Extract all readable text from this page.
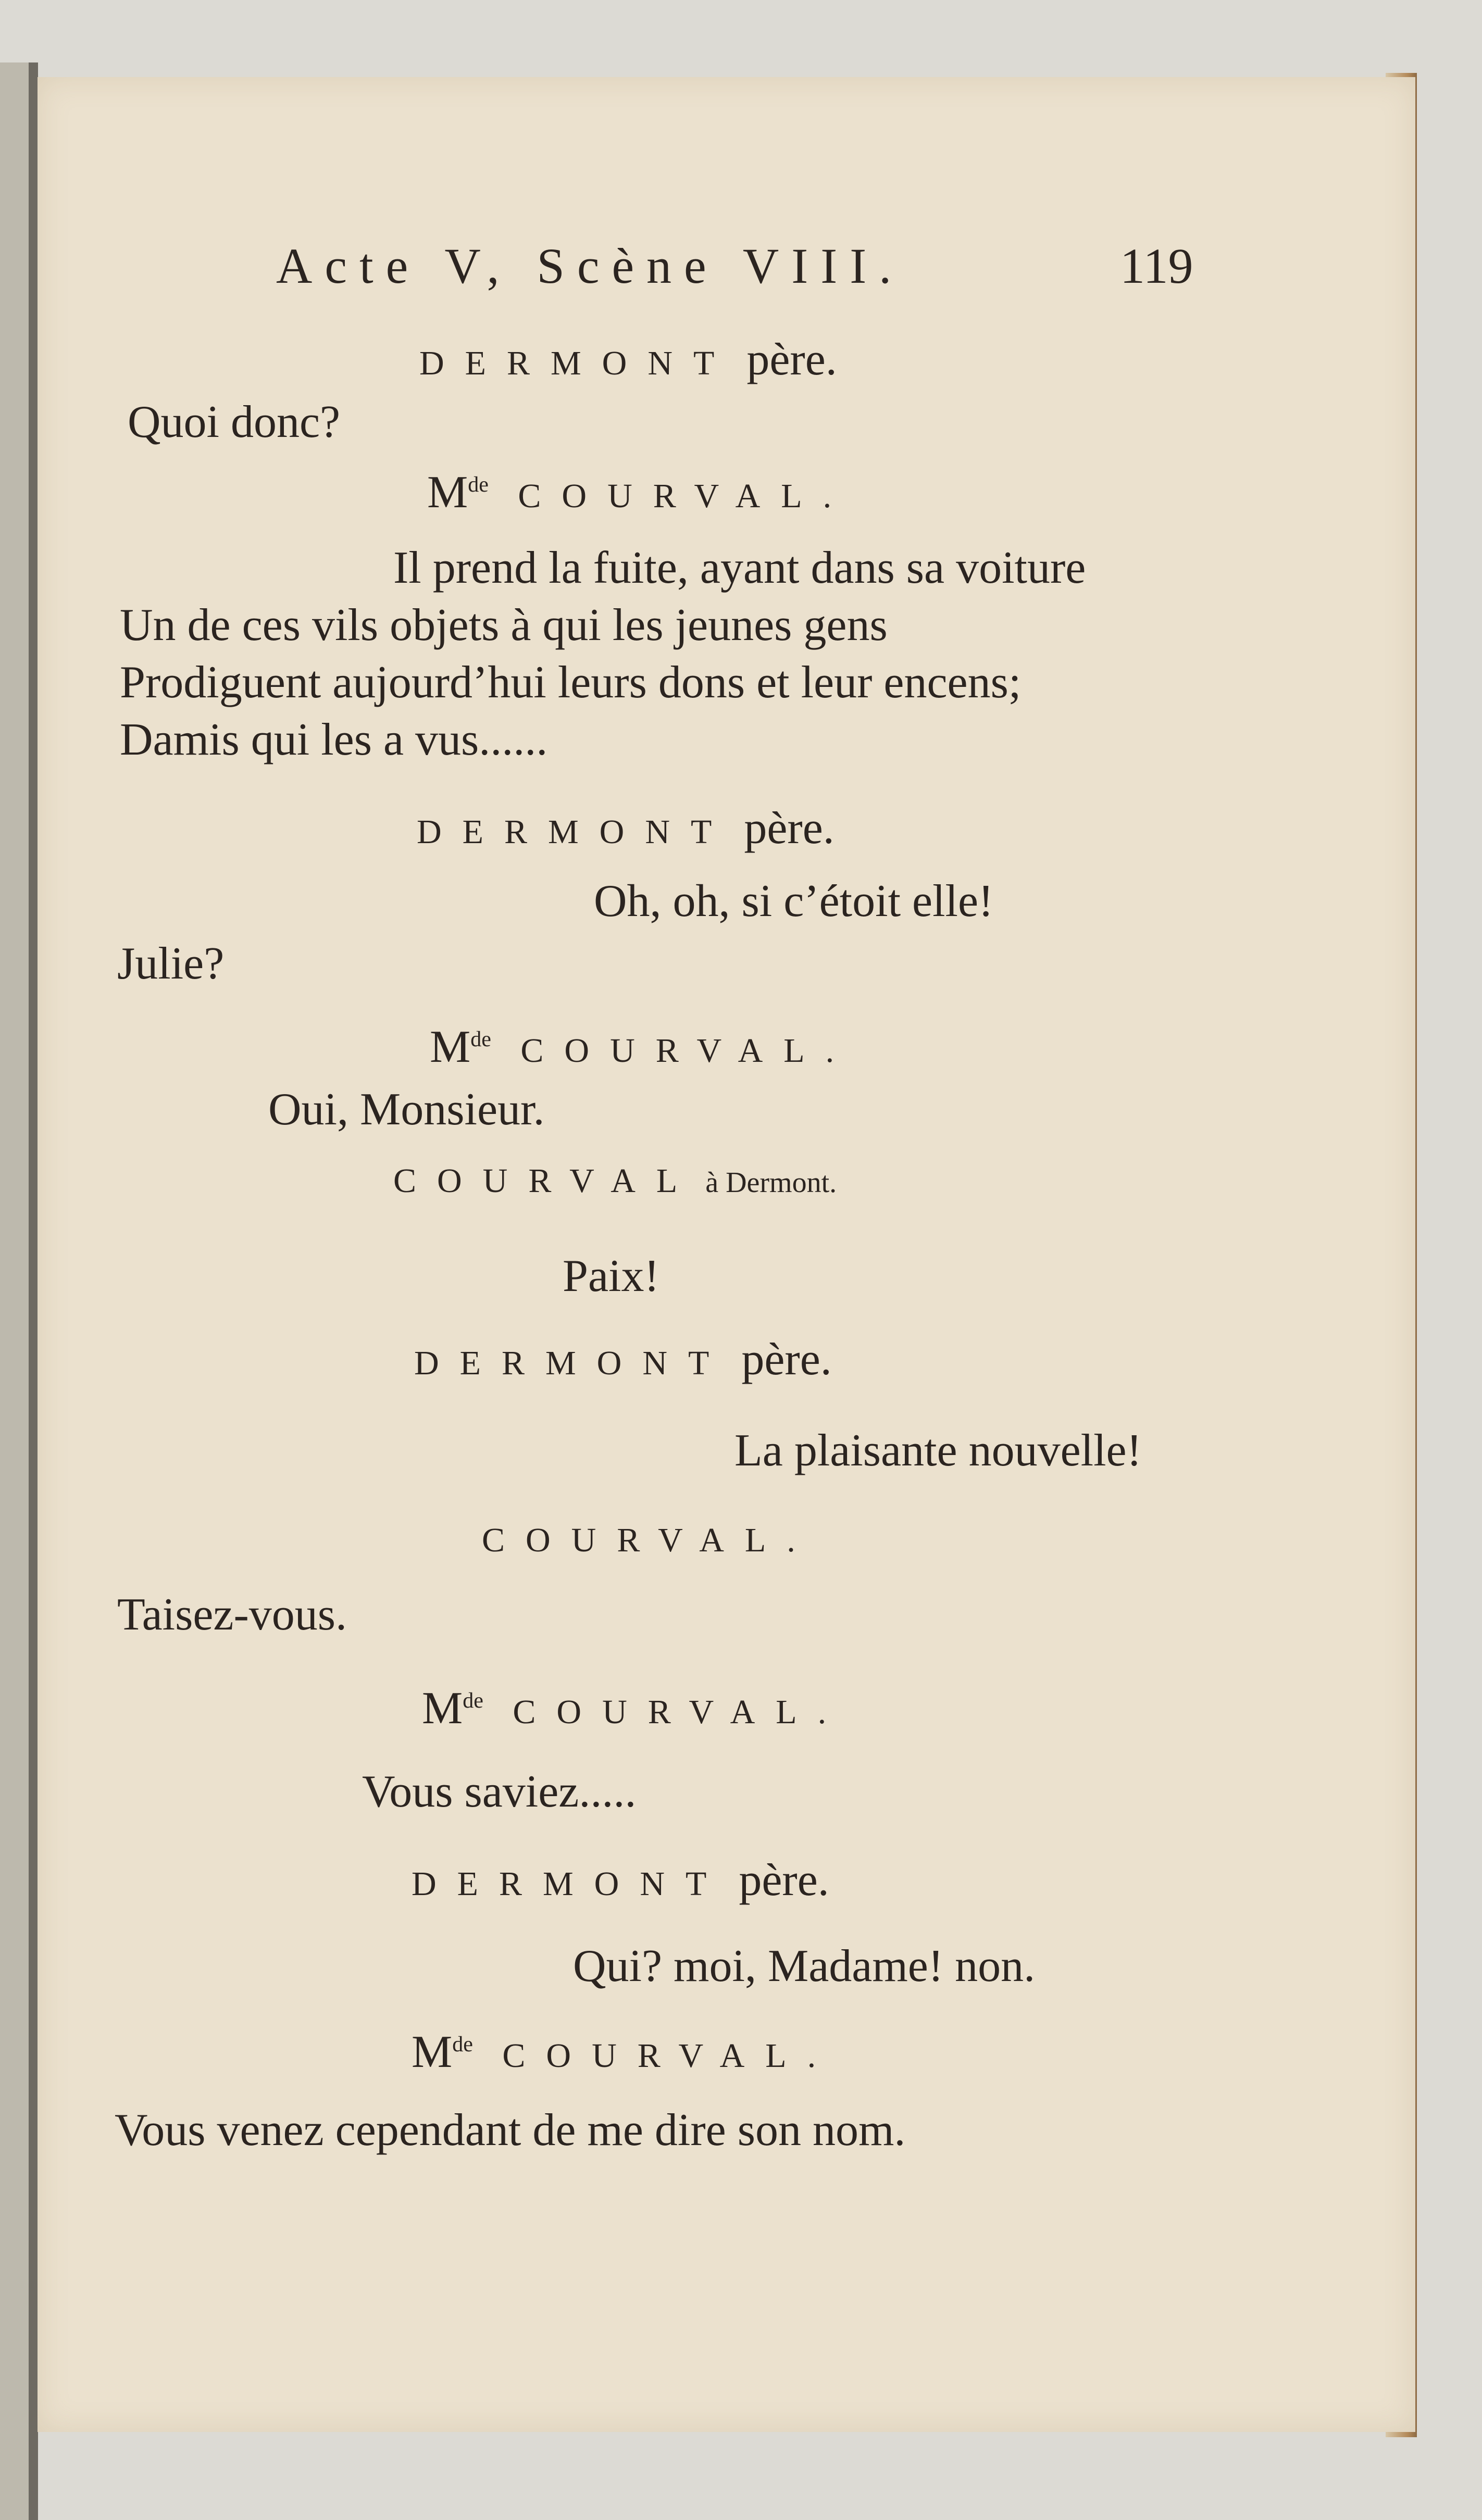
Acte V, Scène VIII.	119
DERMONT père.
Quoi donc?
Mde COURVAL.
Il prend la fuite, ayant dans sa voiture
Un de ces vils objets à qui les jeunes gens
Prodiguent aujourd’hui leurs dons et leur encens;
Damis qui les a vus......
DERMONT père.
Oh, oh, si c’étoit elle!
Julie?
Mde COURVAL.
Oui, Monsieur.
COURVAL à Dermont.
Paix!
DERMONT père.
La plaisante nouvelle!
COURVAL.
Taisez-vous.
Mde COURVAL.
Vous saviez.....
DERMONT père.
Qui? moi, Madame! non.
Mde COURVAL.
Vous venez cependant de me dire son nom.
